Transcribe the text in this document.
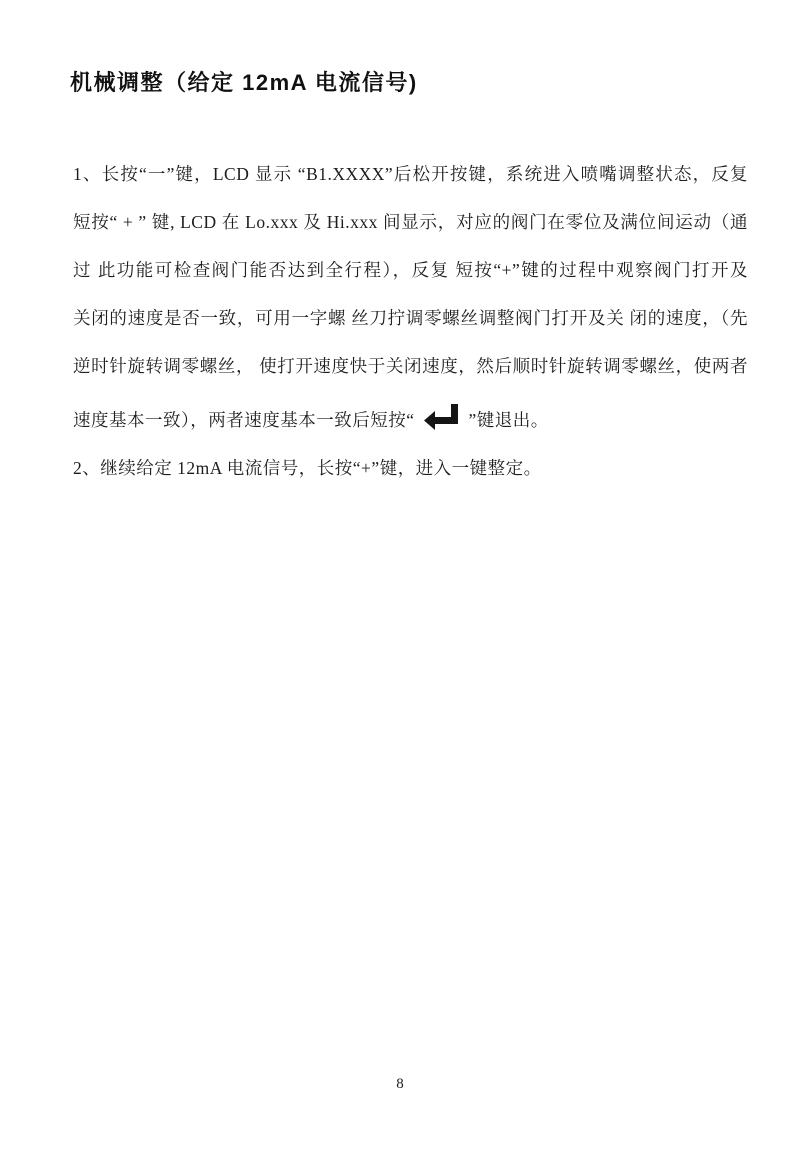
机械调整（给定 12mA 电流信号)
1、长按“一”键，LCD 显示 “B1.XXXX”后松开按键，系统进入喷嘴调整状态，反复
短按“ + ” 键, LCD 在 Lo.xxx 及 Hi.xxx 间显示，对应的阀门在零位及满位间运动（通
过 此功能可检查阀门能否达到全行程），反复 短按“+”键的过程中观察阀门打开及
关闭的速度是否一致，可用一字螺 丝刀拧调零螺丝调整阀门打开及关 闭的速度，（先
逆时针旋转调零螺丝， 使打开速度快于关闭速度，然后顺时针旋转调零螺丝，使两者
速度基本一致），两者速度基本一致后短按“	”键退出。
2、继续给定 12mA 电流信号，长按“+”键，进入一键整定。
8
